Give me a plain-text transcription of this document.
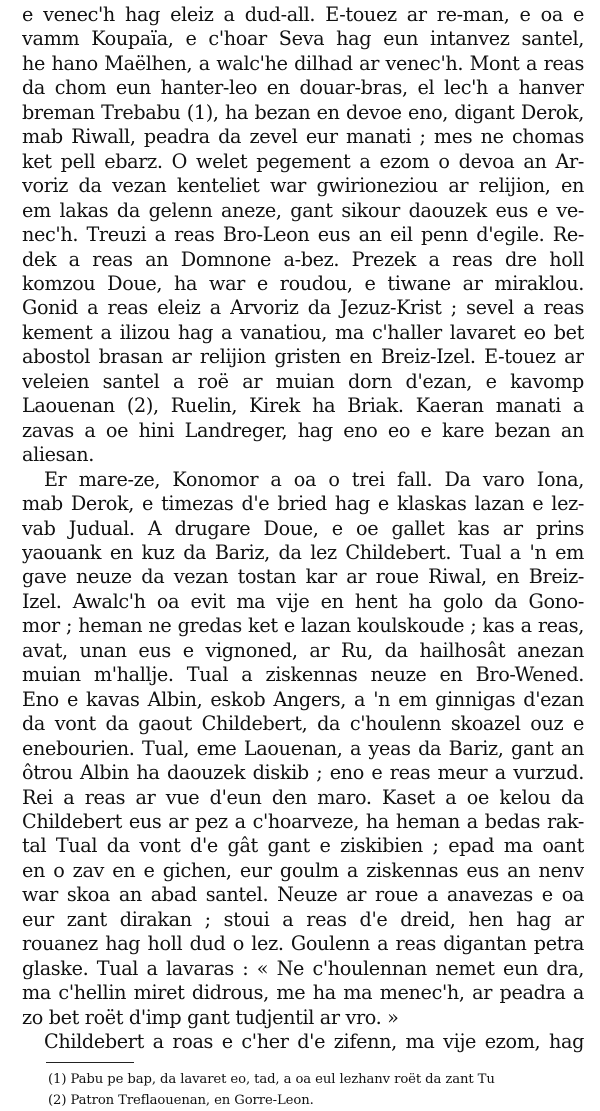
e venec'h hag eleiz a dud-all. E-touez ar re-man, e oa e
vamm Koupaïa, e c'hoar Seva hag eun intanvez santel,
he hano Maëlhen, a walc'he dilhad ar venec'h. Mont a reas
da chom eun hanter-leo en douar-bras, el lec'h a hanver
breman Trebabu (1), ha bezan en devoe eno, digant Derok,
mab Riwall, peadra da zevel eur manati ; mes ne chomas
ket pell ebarz. O welet pegement a ezom o devoa an Ar-
voriz da vezan kenteliet war gwirioneziou ar relijion, en
em lakas da gelenn aneze, gant sikour daouzek eus e ve-
nec'h. Treuzi a reas Bro-Leon eus an eil penn d'egile. Re-
dek a reas an Domnone a-bez. Prezek a reas dre holl
komzou Doue, ha war e roudou, e tiwane ar miraklou.
Gonid a reas eleiz a Arvoriz da Jezuz-Krist ; sevel a reas
kement a ilizou hag a vanatiou, ma c'haller lavaret eo bet
abostol brasan ar relijion gristen en Breiz-Izel. E-touez ar
veleien santel a roë ar muian dorn d'ezan, e kavomp
Laouenan (2), Ruelin, Kirek ha Briak. Kaeran manati a
zavas a oe hini Landreger, hag eno eo e kare bezan an
aliesan.
Er mare-ze, Konomor a oa o trei fall. Da varo Iona,
mab Derok, e timezas d'e bried hag e klaskas lazan e lez-
vab Judual. A drugare Doue, e oe gallet kas ar prins
yaouank en kuz da Bariz, da lez Childebert. Tual a 'n em
gave neuze da vezan tostan kar ar roue Riwal, en Breiz-
Izel. Awalc'h oa evit ma vije en hent ha golo da Gono-
mor ; heman ne gredas ket e lazan koulskoude ; kas a reas,
avat, unan eus e vignoned, ar Ru, da hailhosât anezan
muian m'hallje. Tual a ziskennas neuze en Bro-Wened.
Eno e kavas Albin, eskob Angers, a 'n em ginnigas d'ezan
da vont da gaout Childebert, da c'houlenn skoazel ouz e
enebourien. Tual, eme Laouenan, a yeas da Bariz, gant an
ôtrou Albin ha daouzek diskib ; eno e reas meur a vurzud.
Rei a reas ar vue d'eun den maro. Kaset a oe kelou da
Childebert eus ar pez a c'hoarveze, ha heman a bedas rak-
tal Tual da vont d'e gât gant e ziskibien ; epad ma oant
en o zav en e gichen, eur goulm a ziskennas eus an nenv
war skoa an abad santel. Neuze ar roue a anavezas e oa
eur zant dirakan ; stoui a reas d'e dreid, hen hag ar
rouanez hag holl dud o lez. Goulenn a reas digantan petra
glaske. Tual a lavaras : « Ne c'houlennan nemet eun dra,
ma c'hellin miret didrous, me ha ma menec'h, ar peadra a
zo bet roët d'imp gant tudjentil ar vro. »
Childebert a roas e c'her d'e zifenn, ma vije ezom, hag
(1) Pabu pe bap, da lavaret eo, tad, a oa eul lezhanv roët da zant Tu
(2) Patron Treflaouenan, en Gorre-Leon.
